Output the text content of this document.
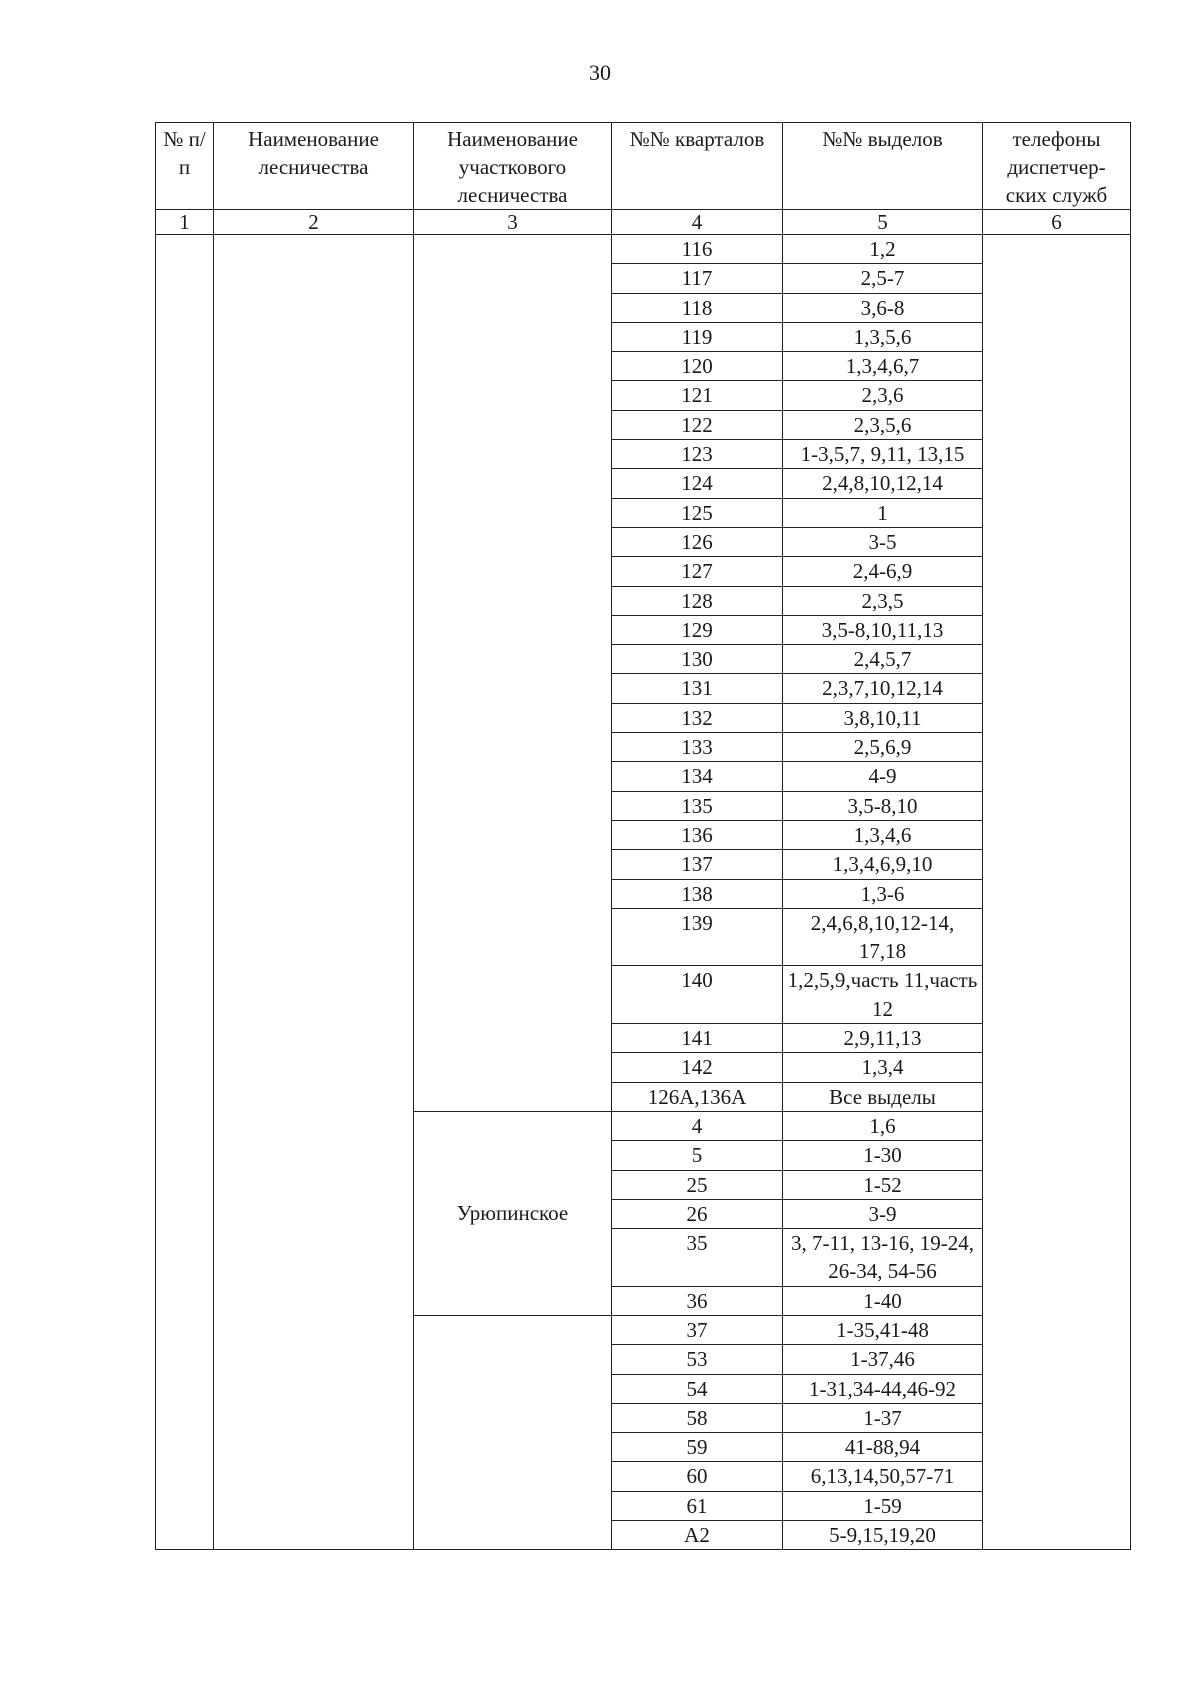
30
№ п/п	Наименование лесничества	Наименование участкового лесничества	№№ кварталов	№№ выделов	телефоны диспетчер-ских служб
1	2	3	4	5	6
			116	1,2	
			117	2,5-7	
			118	3,6-8	
			119	1,3,5,6	
			120	1,3,4,6,7	
			121	2,3,6	
			122	2,3,5,6	
			123	1-3,5,7, 9,11, 13,15	
			124	2,4,8,10,12,14	
			125	1	
			126	3-5	
			127	2,4-6,9	
			128	2,3,5	
			129	3,5-8,10,11,13	
			130	2,4,5,7	
			131	2,3,7,10,12,14	
			132	3,8,10,11	
			133	2,5,6,9	
			134	4-9	
			135	3,5-8,10	
			136	1,3,4,6	
			137	1,3,4,6,9,10	
			138	1,3-6	
			139	2,4,6,8,10,12-14, 17,18	
			140	1,2,5,9,часть 11,часть 12	
			141	2,9,11,13	
			142	1,3,4	
			126А,136А	Все выделы	
		Урюпинское	4	1,6	
			5	1-30	
			25	1-52	
			26	3-9	
			35	3, 7-11, 13-16, 19-24, 26-34, 54-56	
			36	1-40	
			37	1-35,41-48	
			53	1-37,46	
			54	1-31,34-44,46-92	
			58	1-37	
			59	41-88,94	
			60	6,13,14,50,57-71	
			61	1-59	
			А2	5-9,15,19,20	
